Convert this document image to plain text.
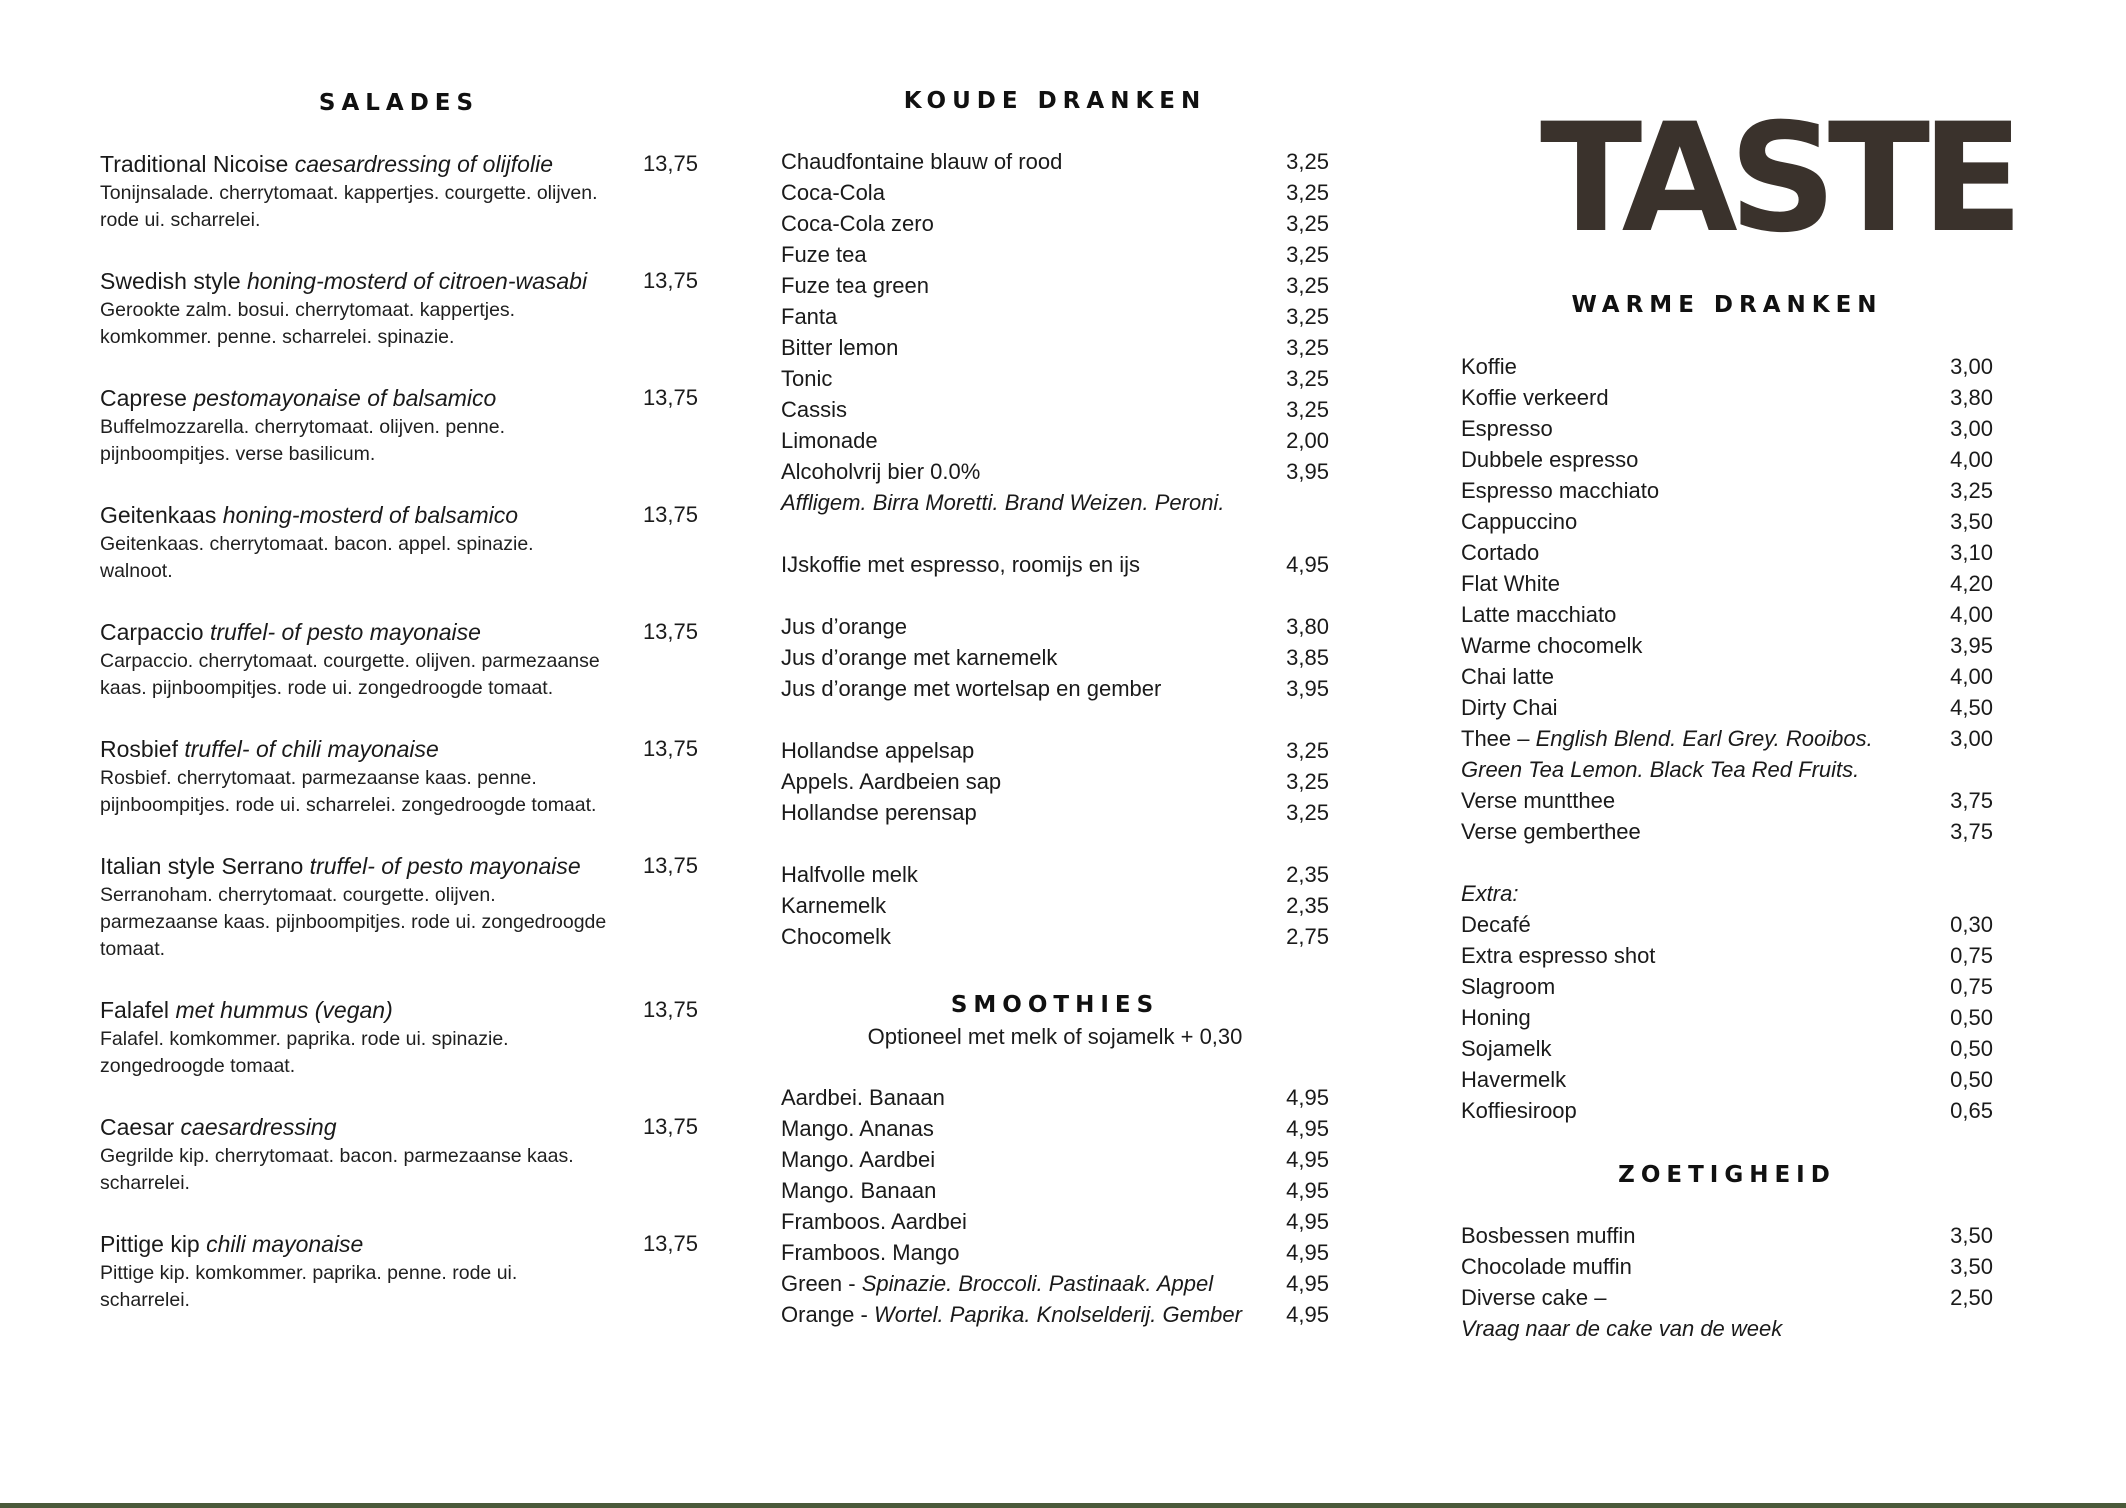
SALADES
Traditional Nicoise caesardressing of olijfolie	13,75
Tonijnsalade. cherrytomaat. kappertjes. courgette. olijven. rode ui. scharrelei.
Swedish style honing-mosterd of citroen-wasabi	13,75
Gerookte zalm. bosui. cherrytomaat. kappertjes. komkommer. penne. scharrelei. spinazie.
Caprese pestomayonaise of balsamico	13,75
Buffelmozzarella. cherrytomaat. olijven. penne. pijnboompitjes. verse basilicum.
Geitenkaas honing-mosterd of balsamico	13,75
Geitenkaas. cherrytomaat. bacon. appel. spinazie. walnoot.
Carpaccio truffel- of pesto mayonaise	13,75
Carpaccio. cherrytomaat. courgette. olijven. parmezaanse kaas. pijnboompitjes. rode ui. zongedroogde tomaat.
Rosbief truffel- of chili mayonaise	13,75
Rosbief. cherrytomaat. parmezaanse kaas. penne. pijnboompitjes. rode ui. scharrelei. zongedroogde tomaat.
Italian style Serrano truffel- of pesto mayonaise	13,75
Serranoham. cherrytomaat. courgette. olijven. parmezaanse kaas. pijnboompitjes. rode ui. zongedroogde tomaat.
Falafel met hummus (vegan)	13,75
Falafel. komkommer. paprika. rode ui. spinazie. zongedroogde tomaat.
Caesar caesardressing	13,75
Gegrilde kip. cherrytomaat. bacon. parmezaanse kaas. scharrelei.
Pittige kip chili mayonaise	13,75
Pittige kip. komkommer. paprika. penne. rode ui. scharrelei.
KOUDE DRANKEN
Chaudfontaine blauw of rood	3,25
Coca-Cola	3,25
Coca-Cola zero	3,25
Fuze tea	3,25
Fuze tea green	3,25
Fanta	3,25
Bitter lemon	3,25
Tonic	3,25
Cassis	3,25
Limonade	2,00
Alcoholvrij bier 0.0%	3,95
Affligem. Birra Moretti. Brand Weizen. Peroni.
IJskoffie met espresso, roomijs en ijs	4,95
Jus d’orange	3,80
Jus d’orange met karnemelk	3,85
Jus d’orange met wortelsap en gember	3,95
Hollandse appelsap	3,25
Appels. Aardbeien sap	3,25
Hollandse perensap	3,25
Halfvolle melk	2,35
Karnemelk	2,35
Chocomelk	2,75
SMOOTHIES
Optioneel met melk of sojamelk + 0,30
Aardbei. Banaan	4,95
Mango. Ananas	4,95
Mango. Aardbei	4,95
Mango. Banaan	4,95
Framboos. Aardbei	4,95
Framboos. Mango	4,95
Green - Spinazie. Broccoli. Pastinaak. Appel	4,95
Orange - Wortel. Paprika. Knolselderij. Gember 4,95
TASTE
WARME DRANKEN
Koffie	3,00
Koffie verkeerd	3,80
Espresso	3,00
Dubbele espresso	4,00
Espresso macchiato	3,25
Cappuccino	3,50
Cortado	3,10
Flat White	4,20
Latte macchiato	4,00
Warme chocomelk	3,95
Chai latte	4,00
Dirty Chai	4,50
Thee – English Blend. Earl Grey. Rooibos.	3,00
Green Tea Lemon. Black Tea Red Fruits.
Verse muntthee	3,75
Verse gemberthee	3,75
Extra:
Decafé	0,30
Extra espresso shot	0,75
Slagroom	0,75
Honing	0,50
Sojamelk	0,50
Havermelk	0,50
Koffiesiroop	0,65
ZOETIGHEID
Bosbessen muffin	3,50
Chocolade muffin	3,50
Diverse cake –	2,50
Vraag naar de cake van de week
